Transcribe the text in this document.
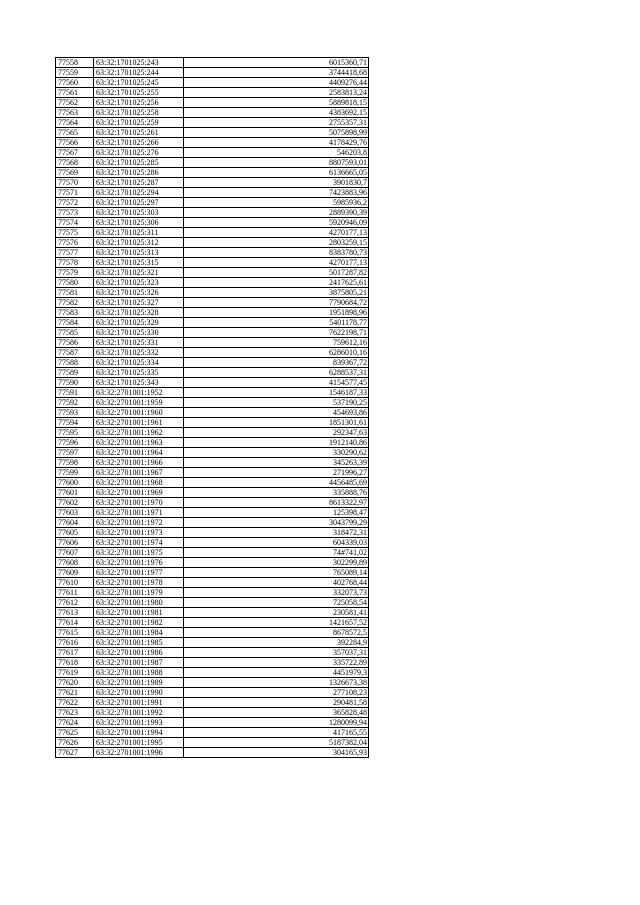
77558	63:32:1701025:243	6015360,71
77559	63:32:1701025:244	3744418,68
77560	63:32:1701025:245	4409276,44
77561	63:32:1701025:255	2583813,24
77562	63:32:1701025:256	5889818,15
77563	63:32:1701025:258	4383692,15
77564	63:32:1701025:259	2755357,31
77565	63:32:1701025:261	5075898,99
77566	63:32:1701025:266	4178429,76
77567	63:32:1701025:276	546203,8
77568	63:32:1701025:285	8807593,01
77569	63:32:1701025:286	6136665,05
77570	63:32:1701025:287	3901830,7
77571	63:32:1701025:294	7423883,96
77572	63:32:1701025:297	5985936,2
77573	63:32:1701025:303	2889390,39
77574	63:32:1701025:306	5920946,09
77575	63:32:1701025:311	4270177,13
77576	63:32:1701025:312	2803259,15
77577	63:32:1701025:313	8383780,73
77578	63:32:1701025:315	4270177,13
77579	63:32:1701025:321	5017287,82
77580	63:32:1701025:323	2417625,61
77581	63:32:1701025:326	3875805,21
77582	63:32:1701025:327	7790684,72
77583	63:32:1701025:328	1951898,96
77584	63:32:1701025:329	5401178,77
77585	63:32:1701025:330	7622198,71
77586	63:32:1701025:331	759612,16
77587	63:32:1701025:332	6286010,16
77588	63:32:1701025:334	839367,72
77589	63:32:1701025:335	6288537,31
77590	63:32:1701025:343	4154577,45
77591	63:32:2701001:1952	1546187,33
77592	63:32:2701001:1959	537190,25
77593	63:32:2701001:1960	454693,86
77594	63:32:2701001:1961	1851301,61
77595	63:32:2701001:1962	292347,63
77596	63:32:2701001:1963	1912140,86
77597	63:32:2701001:1964	330290,62
77598	63:32:2701001:1966	345263,39
77599	63:32:2701001:1967	271996,27
77600	63:32:2701001:1968	4456485,69
77601	63:32:2701001:1969	335888,76
77602	63:32:2701001:1970	8613322,97
77603	63:32:2701001:1971	125398,47
77604	63:32:2701001:1972	3043799,29
77605	63:32:2701001:1973	318472,31
77606	63:32:2701001:1974	604339,03
77607	63:32:2701001:1975	74#741,02
77608	63:32:2701001:1976	302299,89
77609	63:32:2701001:1977	765089,14
77610	63:32:2701001:1978	402768,44
77611	63:32:2701001:1979	332073,73
77612	63:32:2701001:1980	725058,54
77613	63:32:2701001:1981	230581,41
77614	63:32:2701001:1982	1421657,52
77615	63:32:2701001:1984	8678572,5
77616	63:32:2701001:1985	392284,9
77617	63:32:2701001:1986	357037,31
77618	63:32:2701001:1987	335722,89
77619	63:32:2701001:1988	4451979,3
77620	63:32:2701001:1989	1326673,38
77621	63:32:2701001:1990	277108,23
77622	63:32:2701001:1991	290481,58
77623	63:32:2701001:1992	365828,48
77624	63:32:2701001:1993	1280099,94
77625	63:32:2701001:1994	417165,55
77626	63:32:2701001:1995	5187382,04
77627	63:32:2701001:1996	304165,93
